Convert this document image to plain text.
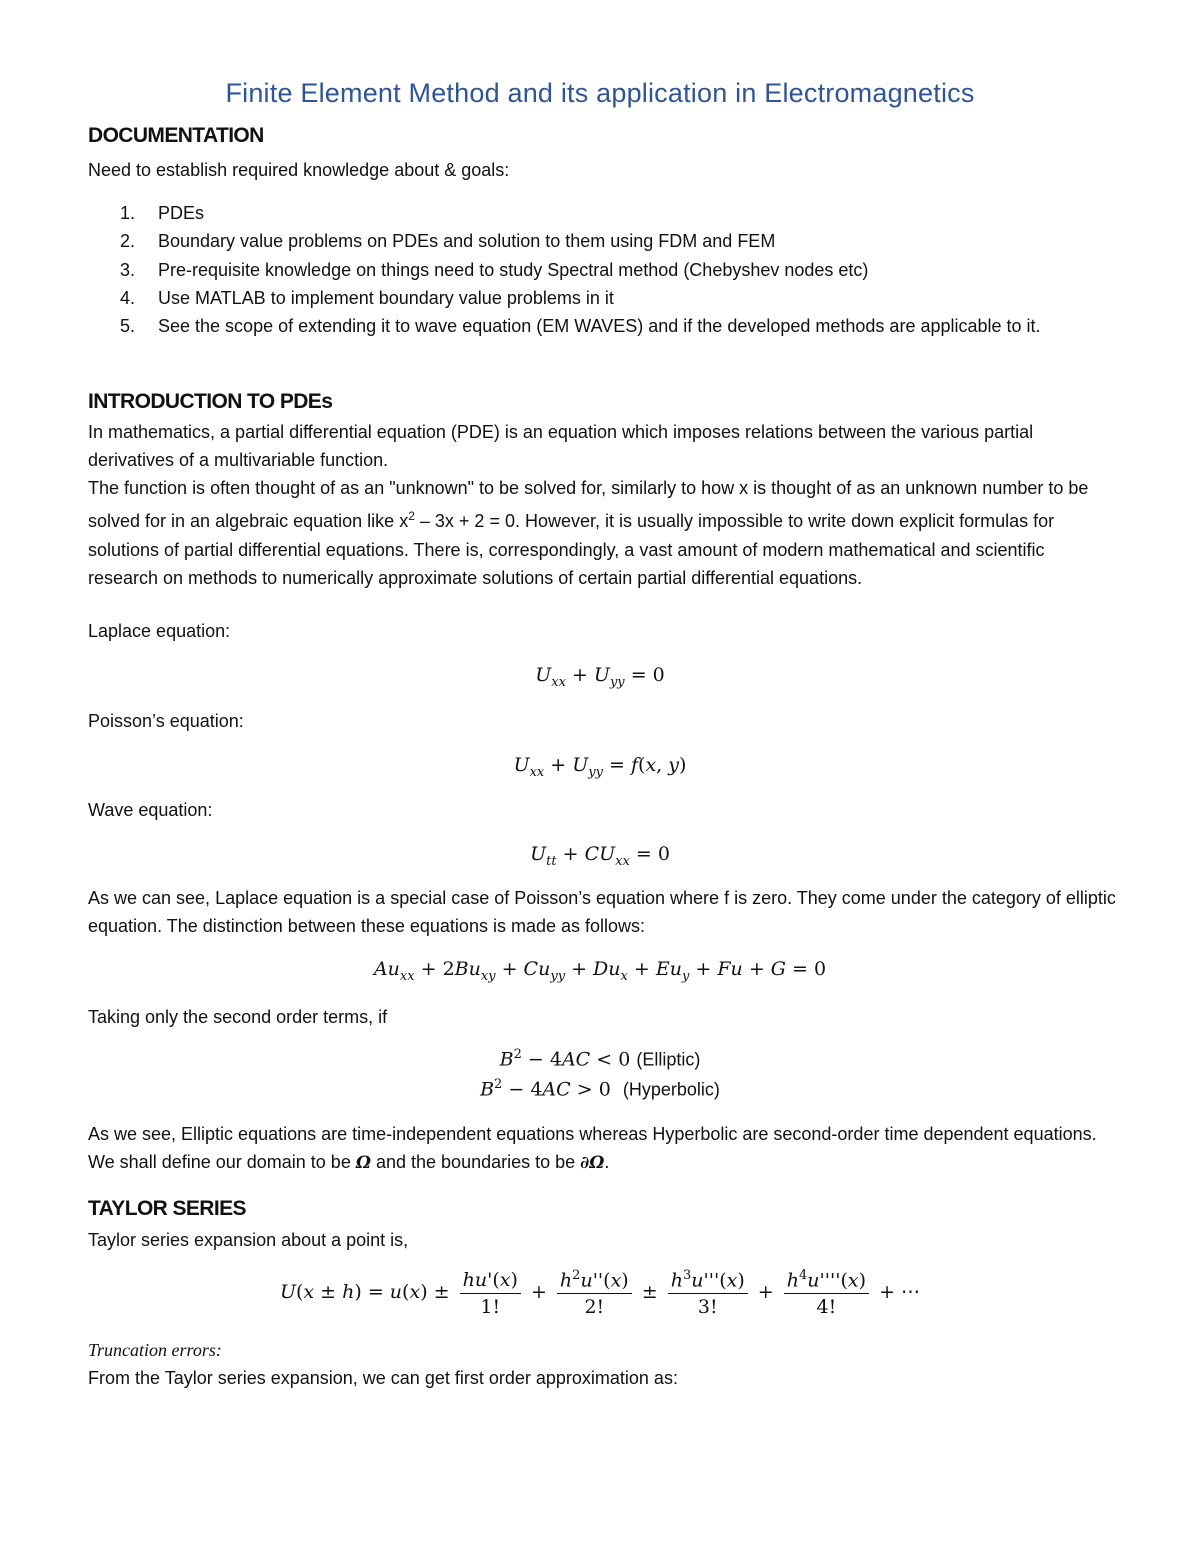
Finite Element Method and its application in Electromagnetics
DOCUMENTATION
Need to establish required knowledge about & goals:
1. PDEs
2. Boundary value problems on PDEs and solution to them using FDM and FEM
3. Pre-requisite knowledge on things need to study Spectral method (Chebyshev nodes etc)
4. Use MATLAB to implement boundary value problems in it
5. See the scope of extending it to wave equation (EM WAVES) and if the developed methods are applicable to it.
INTRODUCTION TO PDEs
In mathematics, a partial differential equation (PDE) is an equation which imposes relations between the various partial derivatives of a multivariable function.
The function is often thought of as an "unknown" to be solved for, similarly to how x is thought of as an unknown number to be solved for in an algebraic equation like $x^2 - 3x + 2 = 0$. However, it is usually impossible to write down explicit formulas for solutions of partial differential equations. There is, correspondingly, a vast amount of modern mathematical and scientific research on methods to numerically approximate solutions of certain partial differential equations.
Laplace equation:
$U_{xx} + U_{yy} = 0$
Poisson’s equation:
$U_{xx} + U_{yy} = f(x$, y)
Wave equation:
$U_{tt} + CU_{xx} = 0$
As we can see, Laplace equation is a special case of Poisson’s equation where f is zero. They come under the category of elliptic equation. The distinction between these equations is made as follows:
$Au_{xx} + 2Bu_{xy} + Cu_{yy} + Du_x + Eu_y + Fu + G = 0$
Taking only the second order terms, if
$B^2 - 4AC < 0$ (Elliptic)
$B^2 - 4AC > 0$ (Hyperbolic)
As we see, Elliptic equations are time-independent equations whereas Hyperbolic are second-order time dependent equations. We shall define our domain to be Ω and the boundaries to be ∂Ω.
TAYLOR SERIES
Taylor series expansion about a point is,
$U(x \pm h) = u(x) \pm \frac{hu'(x)}{1!} + \frac{h^2u''(x)}{2!} \pm \frac{h^3u'''(x)}{3!} + \frac{h^4u''''(x)}{4!}$ + ⋯
Truncation errors:
From the Taylor series expansion, we can get first order approximation as:
